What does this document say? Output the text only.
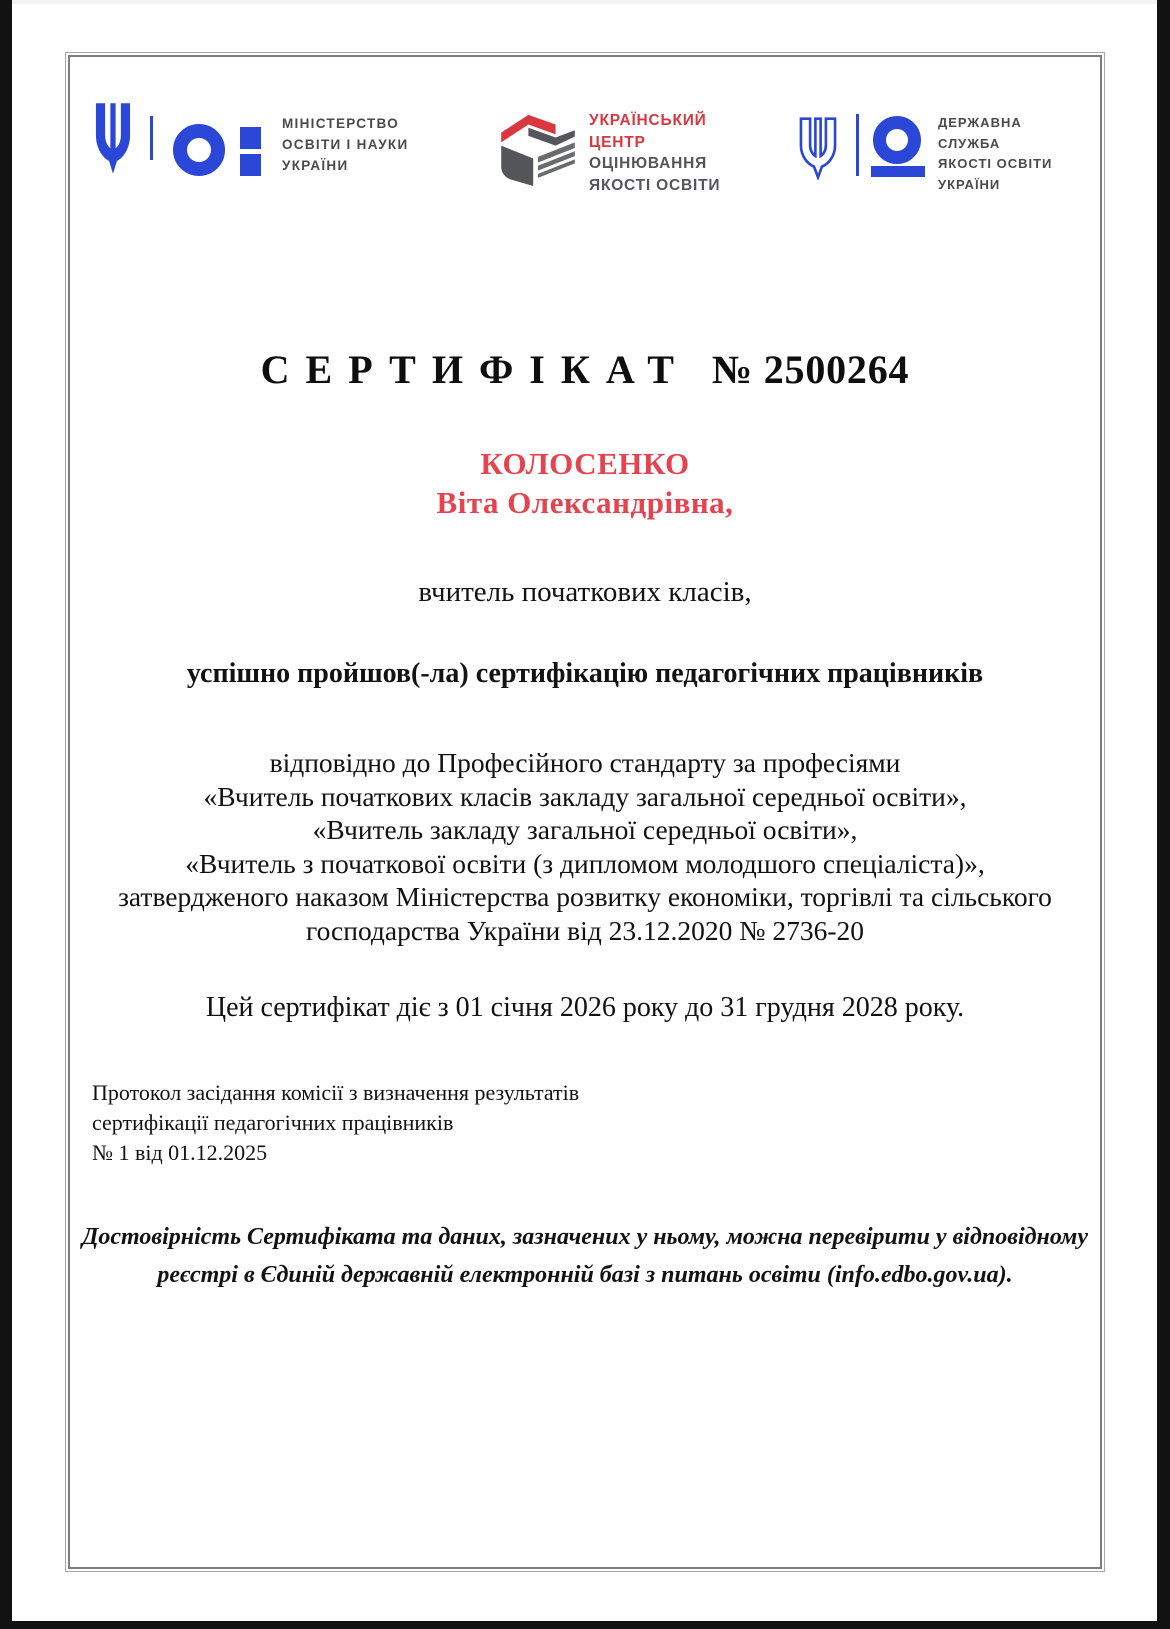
МІНІСТЕРСТВО
ОСВІТИ І НАУКИ
УКРАЇНИ
УКРАЇНСЬКИЙ
ЦЕНТР
ОЦІНЮВАННЯ
ЯКОСТІ ОСВІТИ
ДЕРЖАВНА
СЛУЖБА
ЯКОСТІ ОСВІТИ
УКРАЇНИ
СЕРТИФІКАТ № 2500264
КОЛОСЕНКО
Віта Олександрівна,
вчитель початкових класів,
успішно пройшов(-ла) сертифікацію педагогічних працівників
відповідно до Професійного стандарту за професіями
«Вчитель початкових класів закладу загальної середньої освіти»,
«Вчитель закладу загальної середньої освіти»,
«Вчитель з початкової освіти (з дипломом молодшого спеціаліста)»,
затвердженого наказом Міністерства розвитку економіки, торгівлі та сільського
господарства України від 23.12.2020 № 2736-20
Цей сертифікат діє з 01 січня 2026 року до 31 грудня 2028 року.
Протокол засідання комісії з визначення результатів
сертифікації педагогічних працівників
№ 1 від 01.12.2025
Достовірність Сертифіката та даних, зазначених у ньому, можна перевірити у відповідному
реєстрі в Єдиній державній електронній базі з питань освіти (info.edbo.gov.ua).
